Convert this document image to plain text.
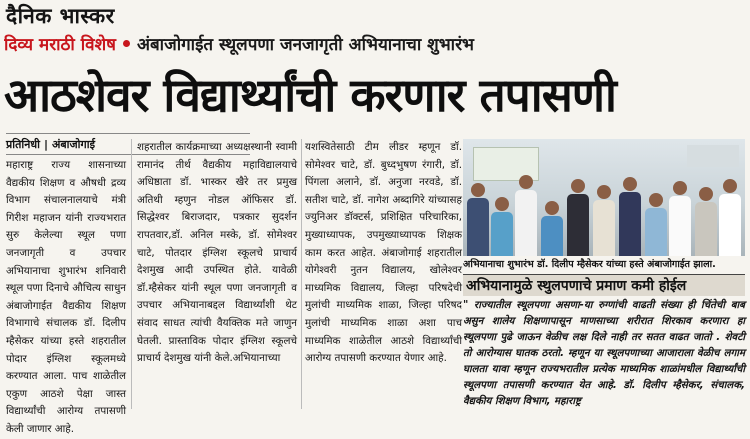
दैनिक भास्कर
दिव्य मराठी विशेष अंबाजोगाईत स्थूलपणा जनजागृती अभियानाचा शुभारंभ
आठशेवर विद्यार्थ्यांची करणार तपासणी
प्रतिनिधी | अंबाजोगाई
महाराष्ट्र राज्य शासनाच्या वैद्यकीय शिक्षण व औषधी द्रव्य विभाग संचालनालयाचे मंत्री गिरीश महाजन यांनी राज्यभरात सुरु केलेल्या स्थूल पणा जनजागृती व उपचार अभियानाचा शुभारंभ शनिवारी स्थूल पणा दिनाचे औचित्य साधुन अंबाजोगाईत वैद्यकीय शिक्षण विभागाचे संचालक डॉ. दिलीप म्हैसेकर यांच्या हस्ते शहरातील पोदार इंग्लिश स्कूलमध्ये करण्यात आला. पाच शाळेतील एकुण आठशे पेक्षा जास्त विद्यार्थ्यांची आरोग्य तपासणी केली जाणार आहे.
शहरातील कार्यक्रमाच्या अध्यक्षस्थानी स्वामी रामानंद तीर्थ वैद्यकीय महाविद्यालयाचे अधिष्ठाता डॉ. भास्कर खैरे तर प्रमुख अतिथी म्हणुन नोडल ऑफिसर डॉ. सिद्धेश्वर बिराजदार, पत्रकार सुदर्शन रापतवार,डॉ. अनिल मस्के, डॉ. सोमेश्वर चाटे, पोतदार इंग्लिश स्कूलचे प्राचार्य देशमुख आदी उपस्थित होते. यावेळी डॉ.म्हैसेकर यांनी स्थूल पणा जनजागृती व उपचार अभियानाबद्दल विद्यार्थ्यांशी थेट संवाद साधत त्यांची वैयक्तिक मते जाणुन घेतली. प्रास्ताविक पोदार इंग्लिश स्कूलचे प्राचार्य देशमुख यांनी केले.अभियानाच्या
यशस्वितेसाठी टीम लीडर म्हणून डॉ. सोमेश्वर चाटे, डॉ. बुध्दभुषण रंगारी, डॉ. पिंगला अलाने, डॉ. अनुजा नरवडे, डॉ. सतीश चाटे, डॉ. नागेश अब्दागिरे यांच्यासह ज्युनिअर डॉक्टर्स, प्रशिक्षित परिचारिका, मुख्याध्यापक, उपमुख्याध्यापक शिक्षक काम करत आहेत. अंबाजोगाई शहरातील योगेश्वरी नुतन विद्यालय, खोलेश्वर माध्यमिक विद्यालय, जिल्हा परिषदेची मुलांची माध्यमिक शाळा, जिल्हा परिषद मुलांची माध्यमिक शाळा अशा पाच माध्यमिक शाळेतील आठशे विद्यार्थ्यांची आरोग्य तपासणी करण्यात येणार आहे.
अभियानाचा शुभारंभ डॉ. दिलीप म्हैसेकर यांच्या हस्ते अंबाजोगाईत झाला.
अभियानामुळे स्थुलपणाचे प्रमाण कमी होईल
" राज्यातील स्थूलपणा असणा-या रुग्णांची वाढती संख्या ही चिंतेची बाब असुन शालेय शिक्षणापासून माणसाच्या शरीरात शिरकाव करणारा हा स्थूलपणा पुढे जाऊन वेळीच लक्ष दिले नाही तर सतत वाढत जातो . शेवटी तो आरोग्यास घातक ठरतो. म्हणून या स्थूलपणाच्या आजाराला वेळीच लगाम घालता यावा म्हणून राज्यभरातील प्रत्येक माध्यमिक शाळांमधील विद्यार्थ्यांची स्थूलपणा तपासणी करण्यात येत आहे. डॉ. दिलीप म्हैसेकर, संचालक, वैद्यकीय शिक्षण विभाग, महाराष्ट्र
